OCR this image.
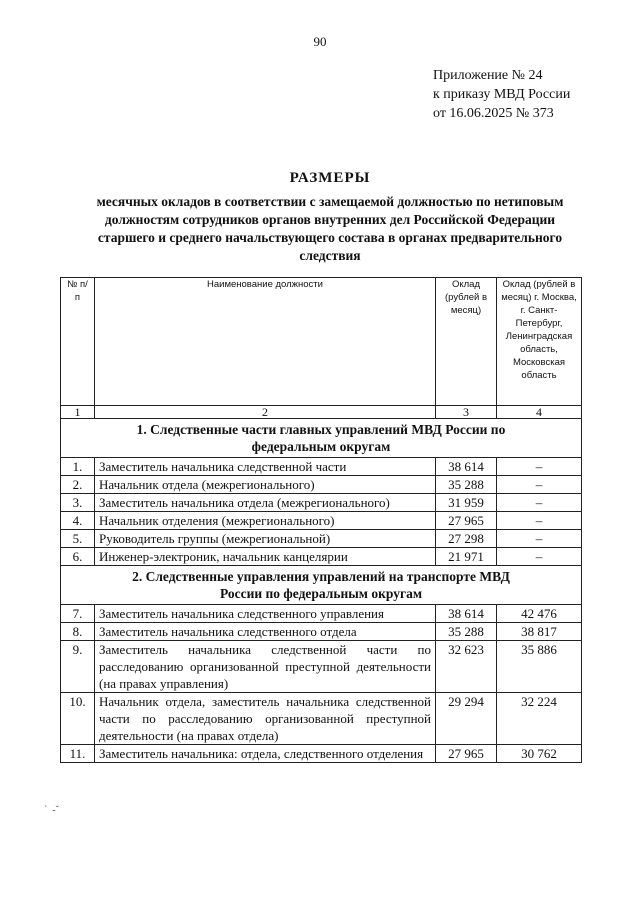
90
Приложение № 24
к приказу МВД России
от 16.06.2025 № 373
РАЗМЕРЫ
месячных окладов в соответствии с замещаемой должностью по нетиповым
должностям сотрудников органов внутренних дел Российской Федерации
старшего и среднего начальствующего состава в органах предварительного
следствия
№ п/п	Наименование должности	Оклад (рублей в месяц)	Оклад (рублей в месяц) г. Москва, г. Санкт-Петербург, Ленинградская область, Московская область
1	2	3	4
1. Следственные части главных управлений МВД России по федеральным округам			
1.	Заместитель начальника следственной части	38 614	–
2.	Начальник отдела (межрегионального)	35 288	–
3.	Заместитель начальника отдела (межрегионального)	31 959	–
4.	Начальник отделения (межрегионального)	27 965	–
5.	Руководитель группы (межрегиональной)	27 298	–
6.	Инженер-электроник, начальник канцелярии	21 971	–
2. Следственные управления управлений на транспорте МВД России по федеральным округам			
7.	Заместитель начальника следственного управления	38 614	42 476
8.	Заместитель начальника следственного отдела	35 288	38 817
9.	Заместитель начальника следственной части по расследованию организованной преступной деятельности (на правах управления)	32 623	35 886
10.	Начальник отдела, заместитель начальника следственной части по расследованию организованной преступной деятельности (на правах отдела)	29 294	32 224
11.	Заместитель начальника: отдела, следственного отделения	27 965	30 762
`  -ˇ
